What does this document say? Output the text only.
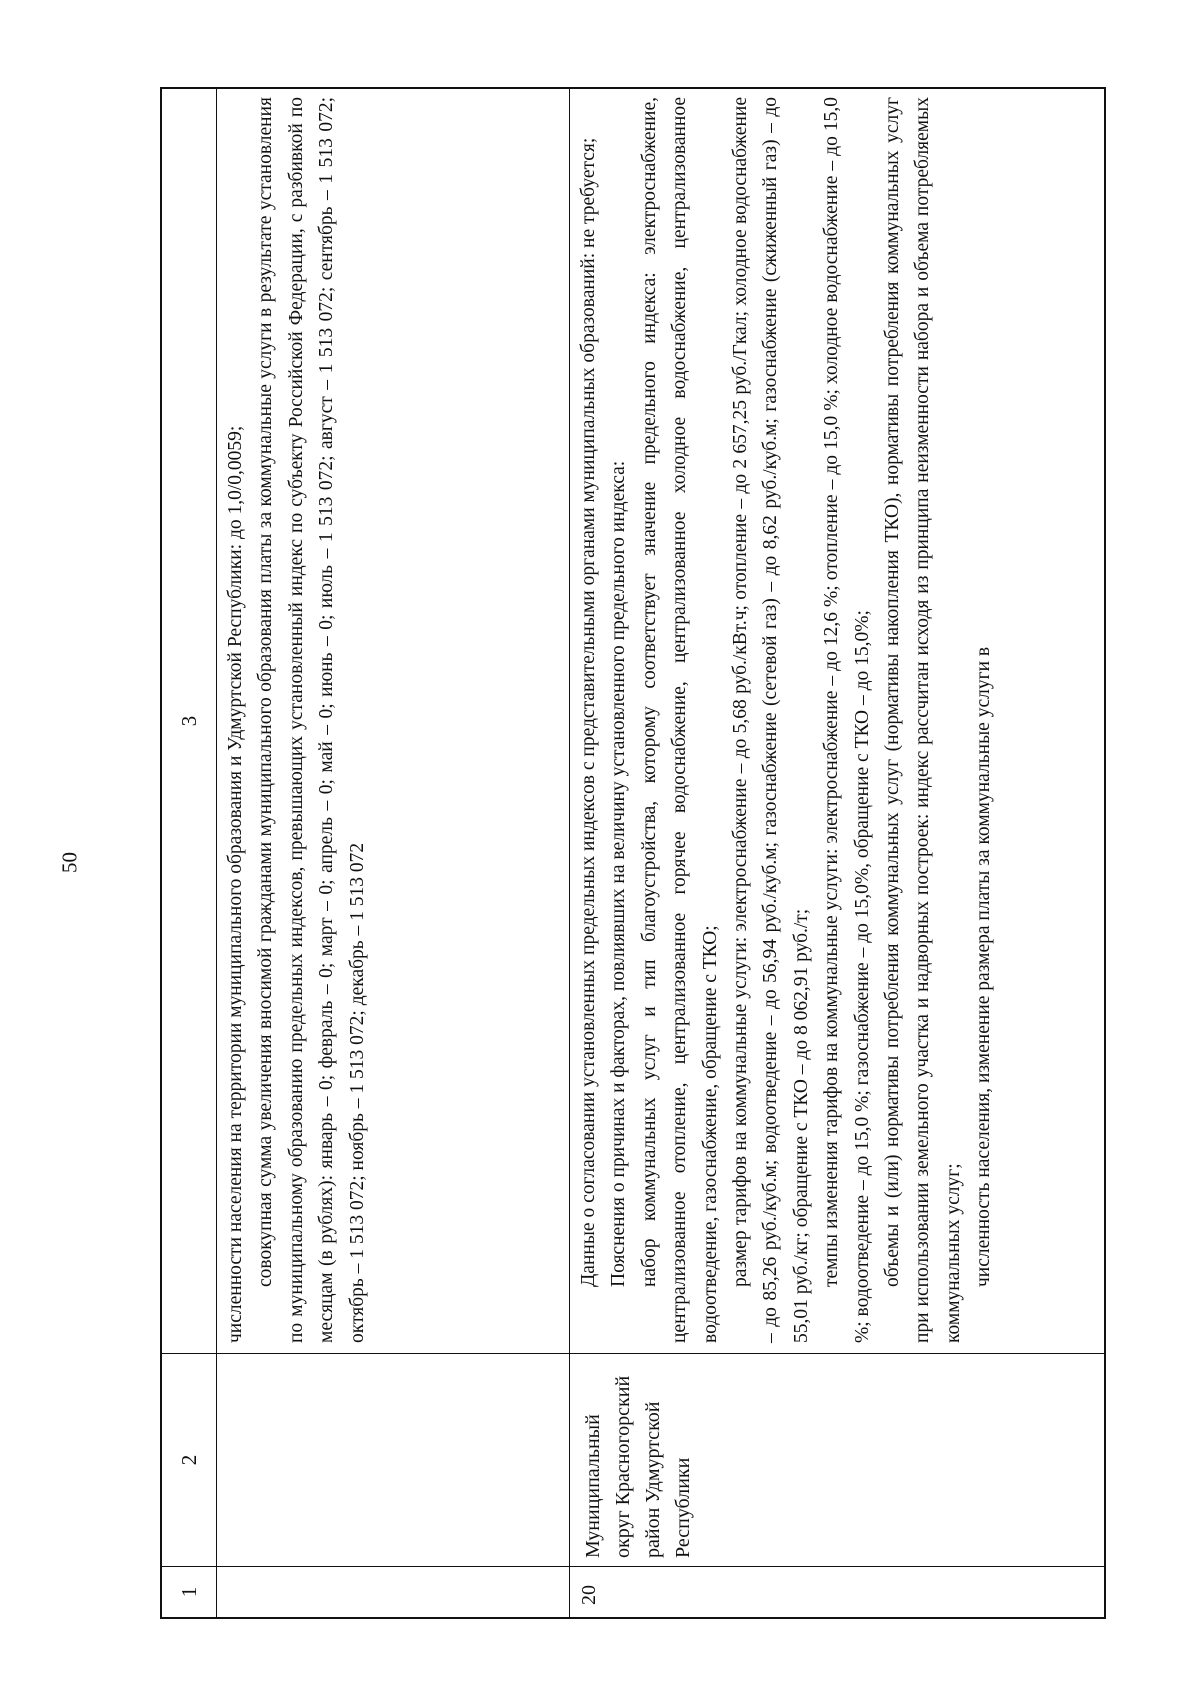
50
1
2
3	численности населения на территории муниципального образования и Удмуртской Республики: до 1,0/0,0059; совокупная сумма увеличения вносимой гражданами муниципального образования платы за коммунальные услуги в результате установления по муниципальному образованию предельных индексов, превышающих установленный индекс по субъекту Российской Федерации, с разбивкой по месяцам (в рублях): январь – 0; февраль – 0; март – 0; апрель – 0; май – 0; июнь – 0; июль – 1 513 072; август – 1 513 072; сентябрь – 1 513 072; октябрь – 1 513 072; ноябрь – 1 513 072; декабрь – 1 513 072

20
Муниципальный округ Красногорский район Удмуртской Республики

Данные о согласовании установленных предельных индексов с представительными органами муниципальных образований: не требуется; Пояснения о причинах и факторах, повлиявших на величину установленного предельного индекса: набор коммунальных услуг и тип благоустройства, которому соответствует значение предельного индекса: электроснабжение, централизованное отопление, централизованное горячее водоснабжение, централизованное холодное водоснабжение, централизованное водоотведение, газоснабжение, обращение с ТКО; размер тарифов на коммунальные услуги: электроснабжение – до 5,68 руб./кВт.ч; отопление – до 2 657,25 руб./Гкал; холодное водоснабжение – до 85,26 руб./куб.м; водоотведение – до 56,94 руб./куб.м; газоснабжение (сетевой газ) – до 8,62 руб./куб.м; газоснабжение (сжиженный газ) – до 55,01 руб./кг; обращение с ТКО – до 8 062,91 руб./т; темпы изменения тарифов на коммунальные услуги: электроснабжение – до 12,6 %; отопление – до 15,0 %; холодное водоснабжение – до 15,0 %; водоотведение – до 15,0 %; газоснабжение – до 15,0%, обращение с ТКО – до 15,0%; объемы и (или) нормативы потребления коммунальных услуг (нормативы накопления ТКО), нормативы потребления коммунальных услуг при использовании земельного участка и надворных построек: индекс рассчитан исходя из принципа неизменности набора и объема потребляемых коммунальных услуг; численность населения, изменение размера платы за коммунальные услуги в
